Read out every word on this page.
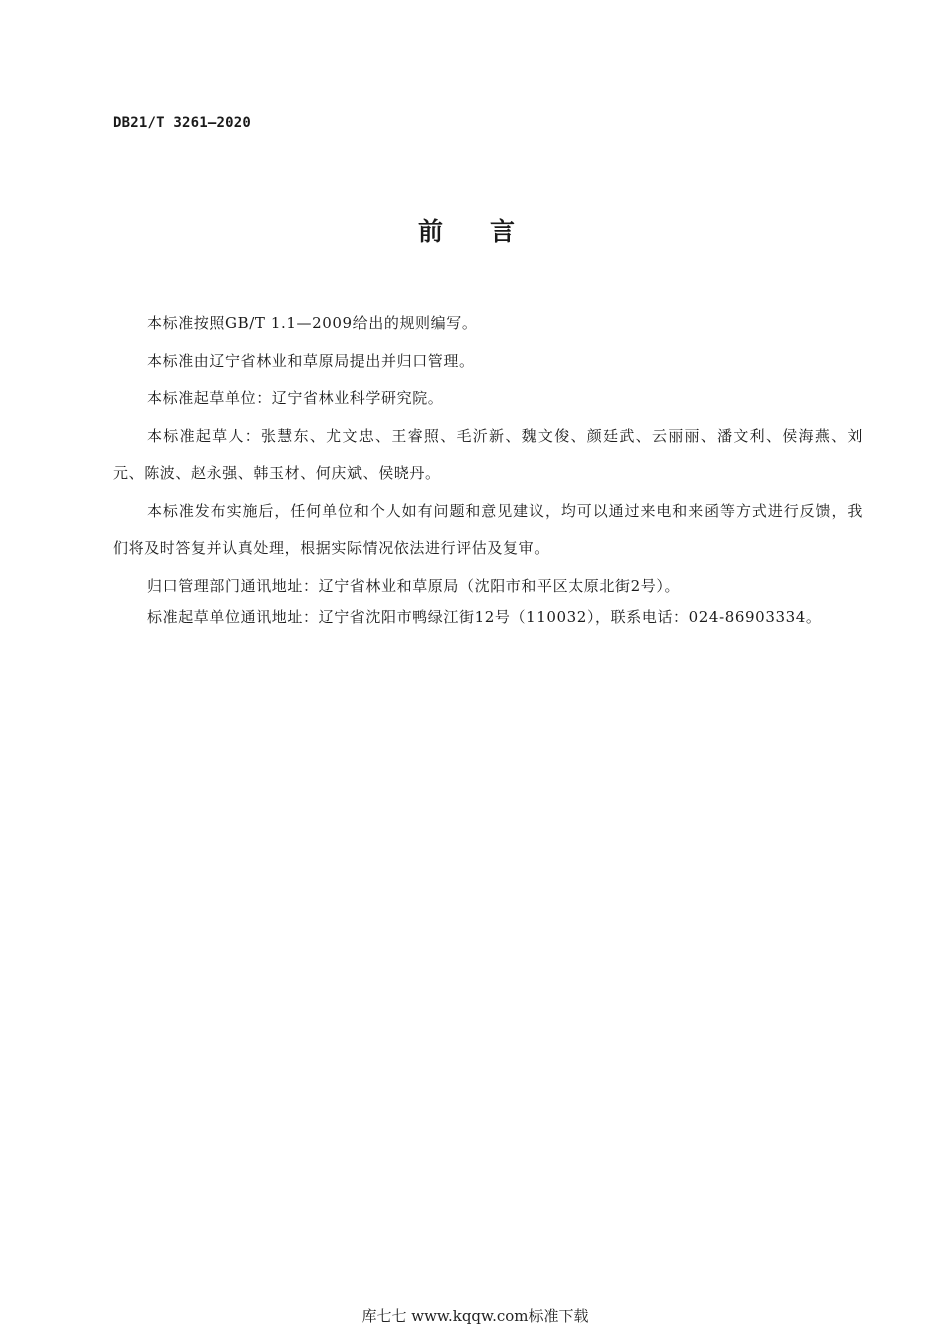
DB21/T 3261—2020
前言

本标准按照GB/T 1.1—2009给出的规则编写。

本标准由辽宁省林业和草原局提出并归口管理。

本标准起草单位：辽宁省林业科学研究院。

本标准起草人：张慧东、尤文忠、王睿照、毛沂新、魏文俊、颜廷武、云丽丽、潘文利、侯海燕、刘元、陈波、赵永强、韩玉材、何庆斌、侯晓丹。

本标准发布实施后，任何单位和个人如有问题和意见建议，均可以通过来电和来函等方式进行反馈，我们将及时答复并认真处理，根据实际情况依法进行评估及复审。

归口管理部门通讯地址：辽宁省林业和草原局（沈阳市和平区太原北街2号）。

标准起草单位通讯地址：辽宁省沈阳市鸭绿江街12号（110032），联系电话：024-86903334。

库七七 www.kqqw.com标准下载
